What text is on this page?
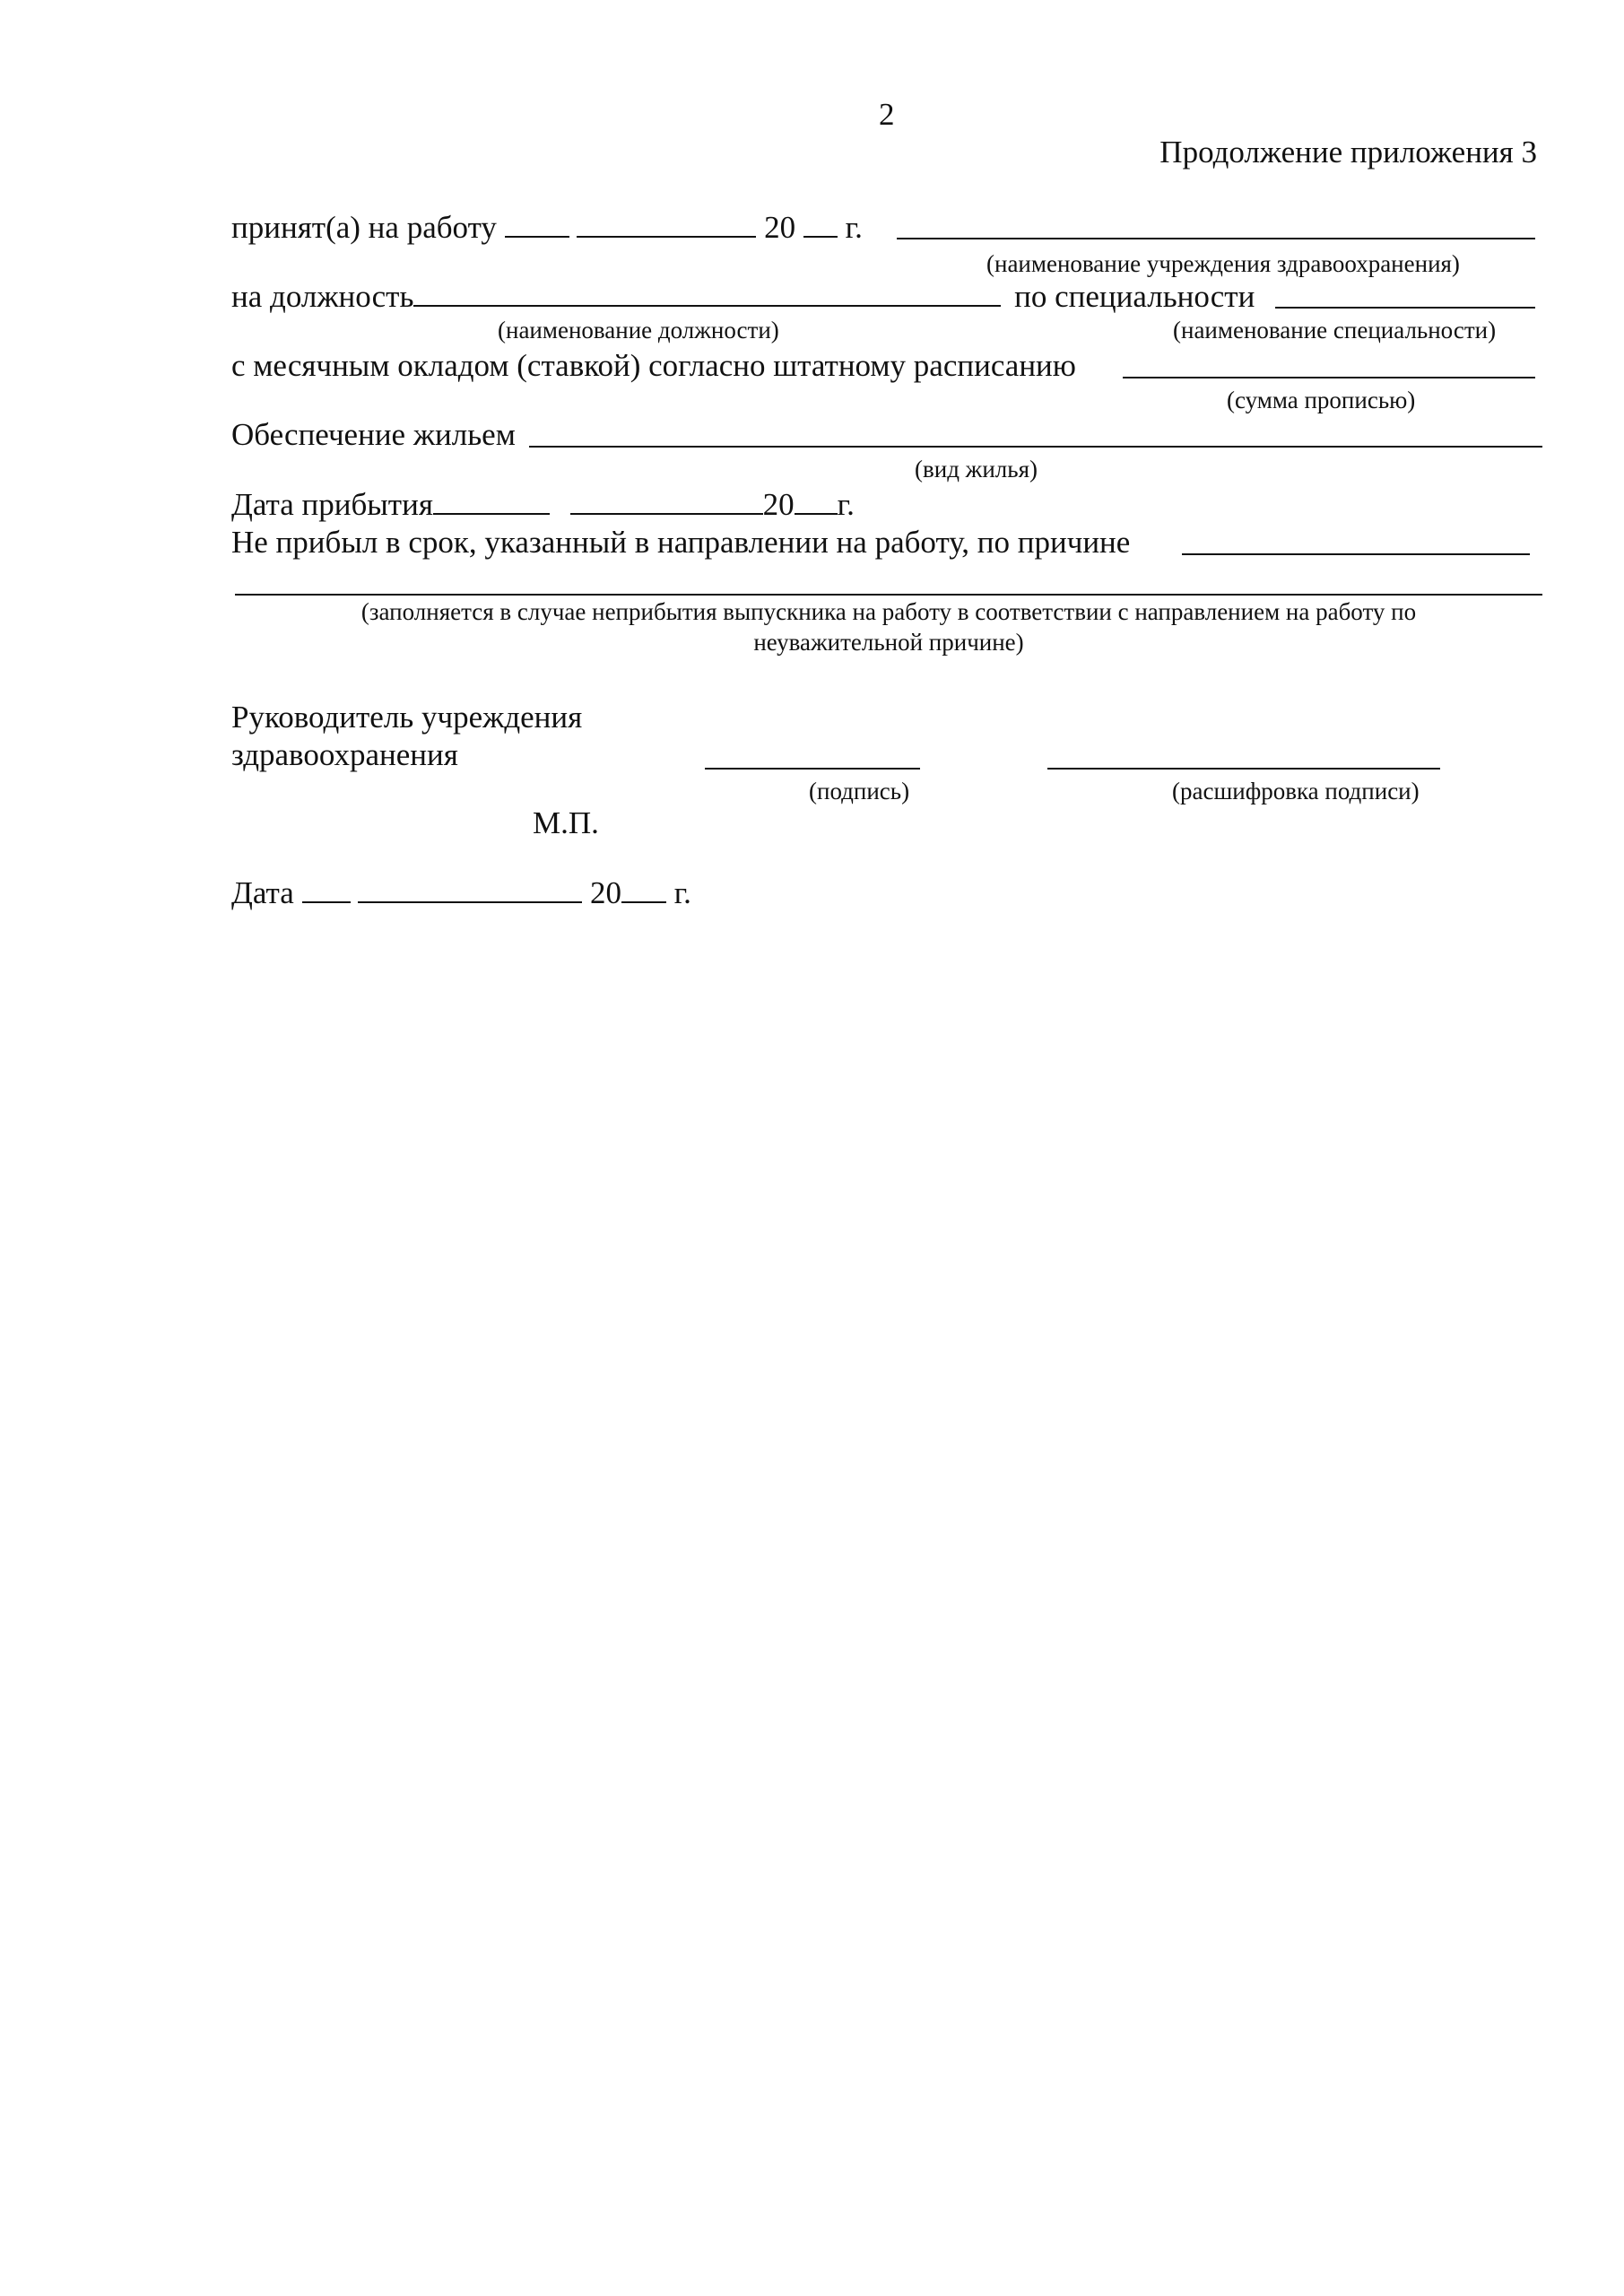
2
Продолжение приложения 3
принят(а) на работу	20 г.
(наименование учреждения здравоохранения)
на должность	по специальности
(наименование должности)	(наименование специальности)
с месячным окладом (ставкой) согласно штатному расписанию
(сумма прописью)
Обеспечение жильем
(вид жилья)
Дата прибытия	20 г.
Не прибыл в срок, указанный в направлении на работу, по причине
(заполняется в случае неприбытия выпускника на работу в соответствии с направлением на работу по
неуважительной причине)
Руководитель учреждения
здравоохранения
(подпись)	(расшифровка подписи)
М.П.
Дата	20 г.
